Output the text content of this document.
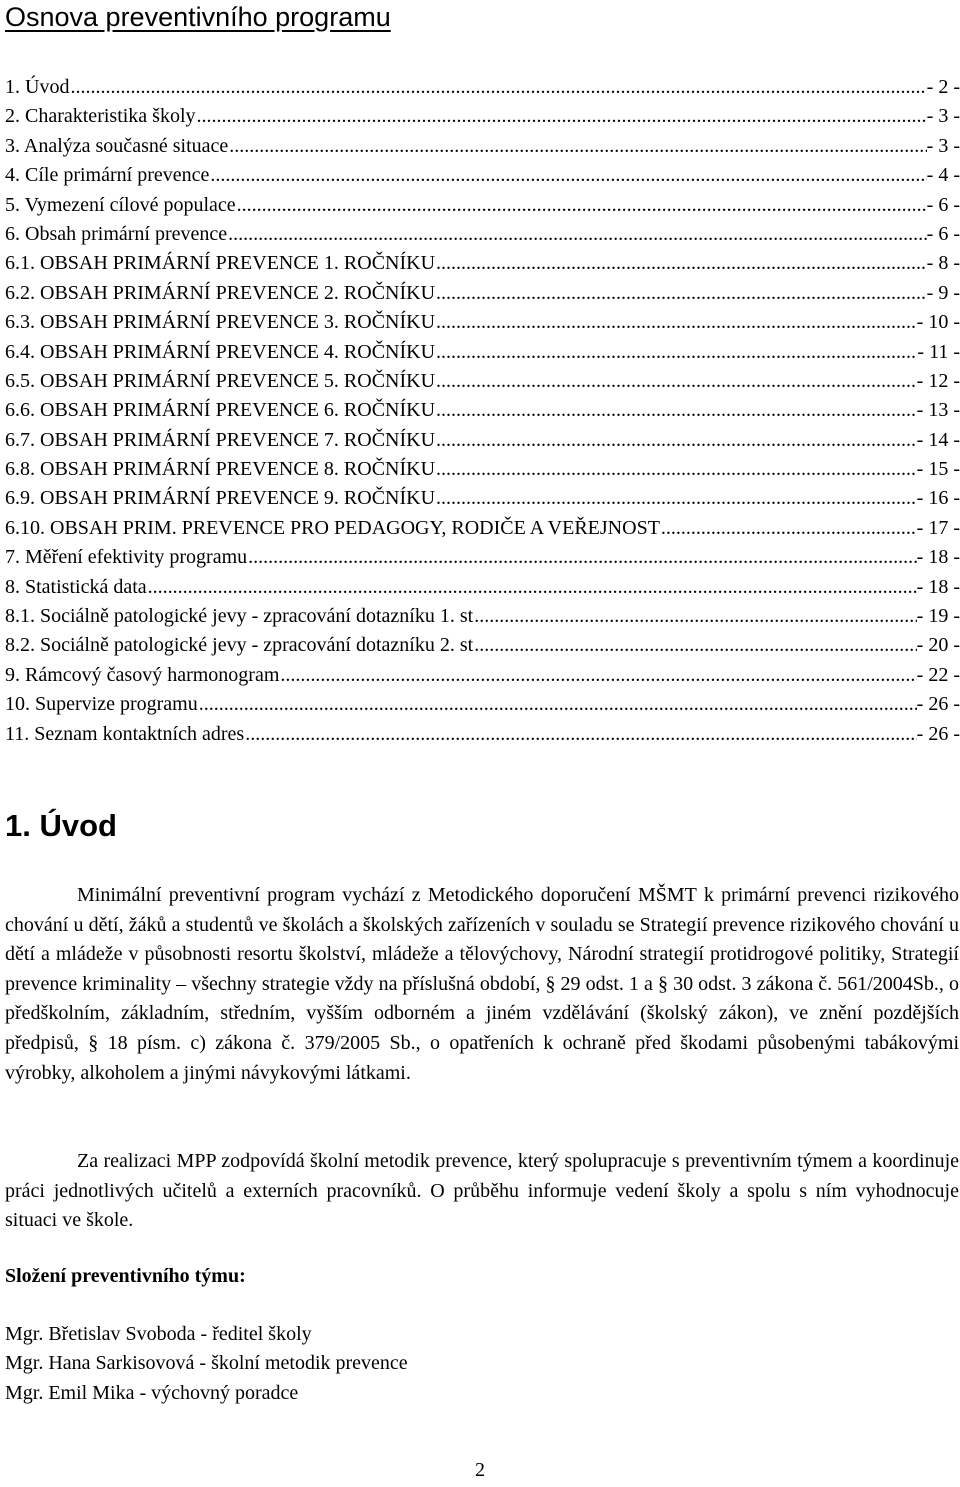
Osnova preventivního programu
1. Úvod .....	- 2 -
2. Charakteristika školy .....	- 3 -
3. Analýza současné situace .....	- 3 -
4. Cíle primární prevence .....	- 4 -
5. Vymezení cílové populace .....	- 6 -
6. Obsah primární prevence .....	- 6 -
6.1. OBSAH PRIMÁRNÍ PREVENCE 1. ROČNÍKU .....	- 8 -
6.2. OBSAH PRIMÁRNÍ PREVENCE 2. ROČNÍKU .....	- 9 -
6.3. OBSAH PRIMÁRNÍ PREVENCE 3. ROČNÍKU .....	- 10 -
6.4. OBSAH PRIMÁRNÍ PREVENCE 4. ROČNÍKU .....	- 11 -
6.5. OBSAH PRIMÁRNÍ PREVENCE 5. ROČNÍKU .....	- 12 -
6.6. OBSAH PRIMÁRNÍ PREVENCE 6. ROČNÍKU .....	- 13 -
6.7. OBSAH PRIMÁRNÍ PREVENCE 7. ROČNÍKU .....	- 14 -
6.8. OBSAH PRIMÁRNÍ PREVENCE 8. ROČNÍKU .....	- 15 -
6.9. OBSAH PRIMÁRNÍ PREVENCE 9. ROČNÍKU .....	- 16 -
6.10. OBSAH PRIM. PREVENCE PRO PEDAGOGY, RODIČE A VEŘEJNOST .....	- 17 -
7. Měření efektivity programu .....	- 18 -
8. Statistická data .....	- 18 -
8.1. Sociálně patologické jevy - zpracování dotazníku 1. st .....	- 19 -
8.2. Sociálně patologické jevy - zpracování dotazníku 2. st .....	- 20 -
9. Rámcový časový harmonogram .....	- 22 -
10. Supervize programu .....	- 26 -
11. Seznam kontaktních adres .....	- 26 -
1. Úvod

Minimální preventivní program vychází z Metodického doporučení MŠMT k primární prevenci rizikového chování u dětí, žáků a studentů ve školách a školských zařízeních v souladu se Strategií prevence rizikového chování u dětí a mládeže v působnosti resortu školství, mládeže a tělovýchovy, Národní strategií protidrogové politiky, Strategií prevence kriminality – všechny strategie vždy na příslušná období, § 29 odst. 1 a § 30 odst. 3 zákona č. 561/2004Sb., o předškolním, základním, středním, vyšším odborném a jiném vzdělávání (školský zákon), ve znění pozdějších předpisů, § 18 písm. c) zákona č. 379/2005 Sb., o opatřeních k ochraně před škodami působenými tabákovými výrobky, alkoholem a jinými návykovými látkami.

Za realizaci MPP zodpovídá školní metodik prevence, který spolupracuje s preventivním týmem a koordinuje práci jednotlivých učitelů a externích pracovníků. O průběhu informuje vedení školy a spolu s ním vyhodnocuje situaci ve škole.

Složení preventivního týmu:
Mgr. Břetislav Svoboda - ředitel školy
Mgr. Hana Sarkisovová - školní metodik prevence
Mgr. Emil Mika - výchovný poradce
2
